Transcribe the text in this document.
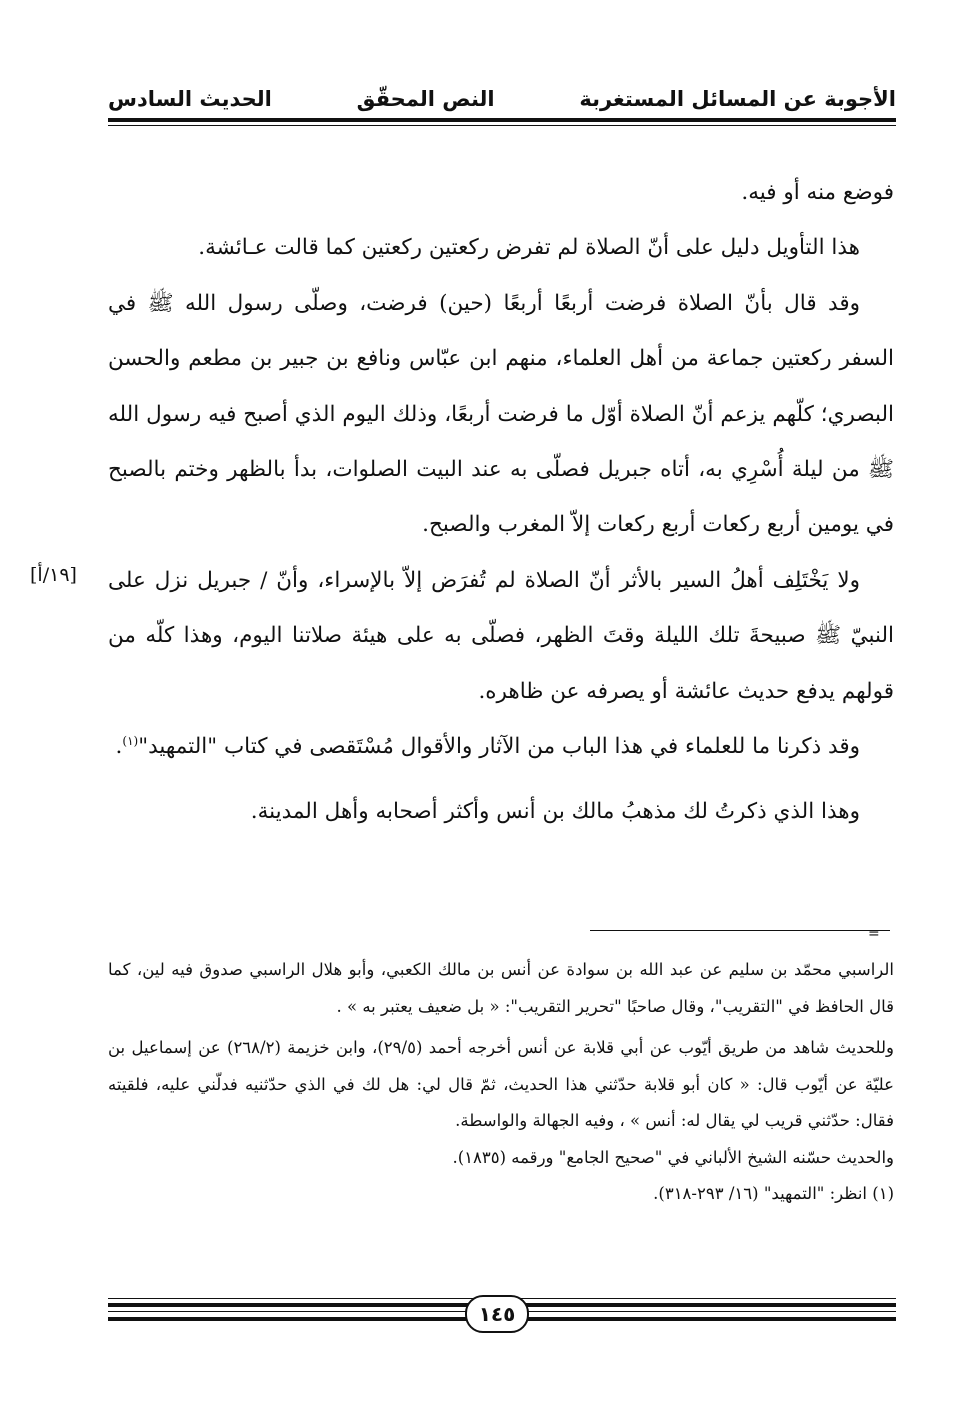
الأجوبة عن المسائل المستغربة
النص المحقّق
الحديث السادس

فوضع منه أو فيه.

هذا التأويل دليل على أنّ الصلاة لم تفرض ركعتين ركعتين كما قالت عـائشة.

وقد قال بأنّ الصلاة فرضت أربعًا أربعًا (حين) فرضت، وصلّى رسول الله ﷺ في السفر ركعتين جماعة من أهل العلماء، منهم ابن عبّاس ونافع بن جبير بن مطعم والحسن البصري؛ كلّهم يزعم أنّ الصلاة أوّل ما فرضت أربعًا، وذلك اليوم الذي أصبح فيه رسول الله ﷺ من ليلة أُسْرِي به، أتاه جبريل فصلّى به عند البيت الصلوات، بدأ بالظهر وختم بالصبح في يومين أربع ركعات أربع ركعات إلاّ المغرب والصبح.

ولا يَخْتَلِف أهلُ السير بالأثر أنّ الصلاة لم تُفرَض إلاّ بالإسراء، وأنّ / جبريل نزل على النبيّ ﷺ صبيحةَ تلك الليلة وقتَ الظهر، فصلّى به على هيئة صلاتنا اليوم، وهذا كلّه من قولهم يدفع حديث عائشة أو يصرفه عن ظاهره.

وقد ذكرنا ما للعلماء في هذا الباب من الآثار والأقوال مُسْتَقصى في كتاب "التمهيد"$^{(١)}$.

وهذا الذي ذكرتُ لك مذهبُ مالك بن أنس وأكثر أصحابه وأهل المدينة.

[١٩/أ]
=

الراسبي محمّد بن سليم عن عبد الله بن سوادة عن أنس بن مالك الكعبي، وأبو هلال الراسبي صدوق فيه لين، كما قال الحافظ في "التقريب"، وقال صاحبًا "تحرير التقريب": « بل ضعيف يعتبر به » .

وللحديث شاهد من طريق أيّوب عن أبي قلابة عن أنس أخرجه أحمد (٢٩/٥)، وابن خزيمة (٢٦٨/٢) عن إسماعيل بن عليّة عن أيّوب قال: « كان أبو قلابة حدّثني هذا الحديث، ثمّ قال لي: هل لك في الذي حدّثنيه فدلّني عليه، فلقيته فقال: حدّثني قريب لي يقال له: أنس » ، وفيه الجهالة والواسطة.

والحديث حسّنه الشيخ الألباني في "صحيح الجامع" ورقمه (١٨٣٥).

(١) انظر: "التمهيد" (١٦/ ٢٩٣-٣١٨).

١٤٥
